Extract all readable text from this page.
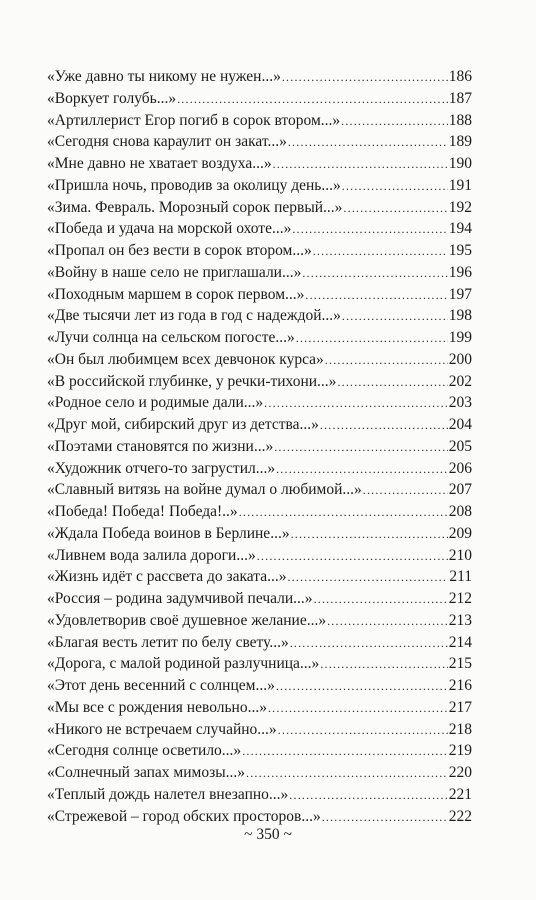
«Уже давно ты никому не нужен...» .....	186
«Воркует голубь...» .....	187
«Артиллерист Егор погиб в сорок втором...» .....	188
«Сегодня снова караулит он закат...» .....	189
«Мне давно не хватает воздуха...» .....	190
«Пришла ночь, проводив за околицу день...» .....	191
«Зима. Февраль. Морозный сорок первый...» .....	192
«Победа и удача на морской охоте...» .....	194
«Пропал он без вести в сорок втором...» .....	195
«Войну в наше село не приглашали...» .....	196
«Походным маршем в сорок первом...» .....	197
«Две тысячи лет из года в год с надеждой...» .....	198
«Лучи солнца на сельском погосте...» .....	199
«Он был любимцем всех девчонок курса» .....	200
«В российской глубинке, у речки-тихони...» .....	202
«Родное село и родимые дали...» .....	203
«Друг мой, сибирский друг из детства...» .....	204
«Поэтами становятся по жизни...» .....	205
«Художник отчего-то загрустил...» .....	206
«Славный витязь на войне думал о любимой...» .....	207
«Победа! Победа! Победа!..» .....	208
«Ждала Победа воинов в Берлине...» .....	209
«Ливнем вода залила дороги...» .....	210
«Жизнь идёт с рассвета до заката...» .....	211
«Россия – родина задумчивой печали...» .....	212
«Удовлетворив своё душевное желание...» .....	213
«Благая весть летит по белу свету...» .....	214
«Дорога, с малой родиной разлучница...» .....	215
«Этот день весенний с солнцем...» .....	216
«Мы все с рождения невольно...» .....	217
«Никого не встречаем случайно...» .....	218
«Сегодня солнце осветило...» .....	219
«Солнечный запах мимозы...» .....	220
«Теплый дождь налетел внезапно...» .....	221
«Стрежевой – город обских просторов...» .....	222
~ 350 ~
